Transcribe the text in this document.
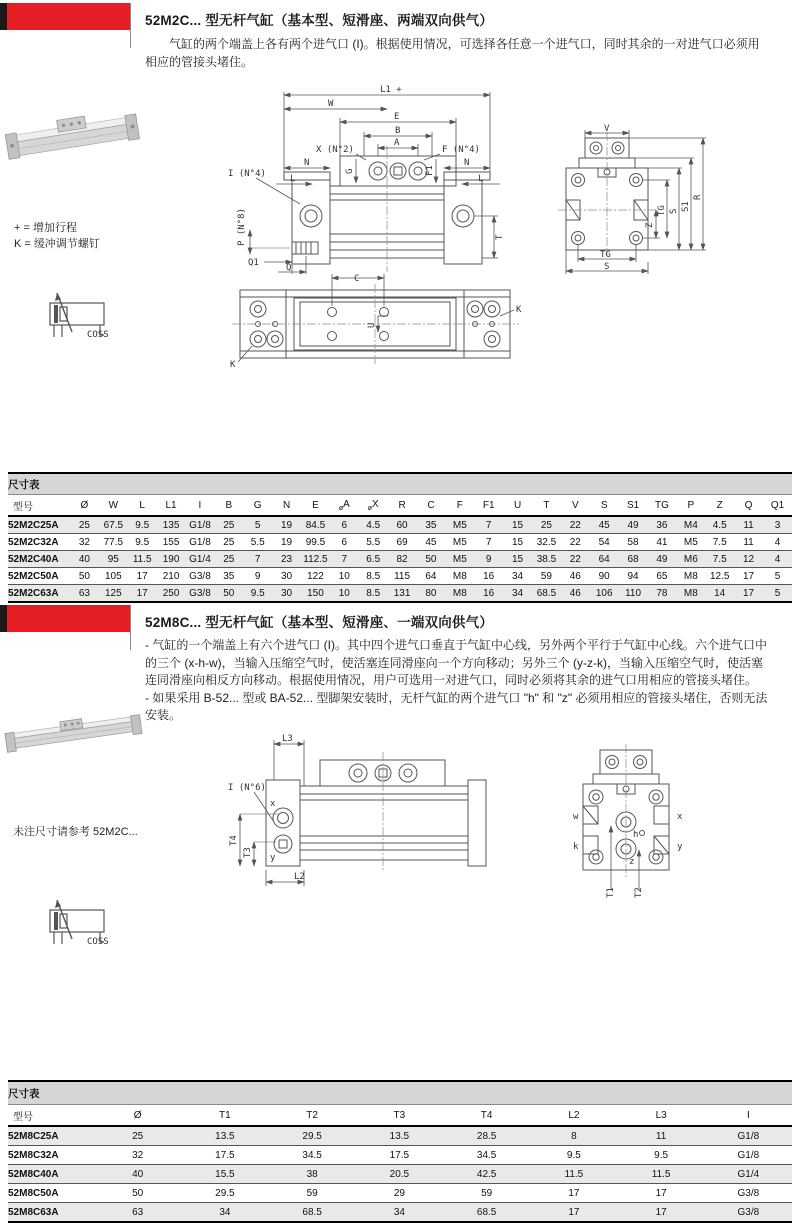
52M2C... 型无杆气缸（基本型、短滑座、两端双向供气）

气缸的两个端盖上各有两个进气口 (I)。根据使用情况，可选择各任意一个进气口，同时其余的一对进气口必须用相应的管接头堵住。

+ = 增加行程
K = 缓冲调节螺钉
COSS
L1 +
W
E
B
A
X (N°2)	F (N°4)
N	N
L	L
G	F1
I (N°4)
P (N°8)
Q1	Q
T
V
Z
TG S S1
R
TG
S
C
K
K
U
尺寸表																									
型号	Ø	W	L	L1	I	B	G	N	E	$_ø$A	$_ø$X	R	C	F	F1	U	T	V	S	S1	TG	P	Z	Q	Q1
52M2C25A	25	67.5	9.5	135	G1/8	25	5	19	84.5	6	4.5	60	35	M5	7	15	25	22	45	49	36	M4	4.5	11	3
52M2C32A	32	77.5	9.5	155	G1/8	25	5.5	19	99.5	6	5.5	69	45	M5	7	15	32.5	22	54	58	41	M5	7.5	11	4
52M2C40A	40	95	11.5	190	G1/4	25	7	23	112.5	7	6.5	82	50	M5	9	15	38.5	22	64	68	49	M6	7.5	12	4
52M2C50A	50	105	17	210	G3/8	35	9	30	122	10	8.5	115	64	M8	16	34	59	46	90	94	65	M8	12.5	17	5
52M2C63A	63	125	17	250	G3/8	50	9.5	30	150	10	8.5	131	80	M8	16	34	68.5	46	106	110	78	M8	14	17	5
52M8C... 型无杆气缸（基本型、短滑座、一端双向供气）

- 气缸的一个端盖上有六个进气口 (I)。其中四个进气口垂直于气缸中心线，另外两个平行于气缸中心线。六个进气口中的三个 (x-h-w)，当输入压缩空气时，使活塞连同滑座向一个方向移动；另外三个 (y-z-k)，当输入压缩空气时，使活塞连同滑座向相反方向移动。根据使用情况，用户可选用一对进气口，同时必须将其余的进气口用相应的管接头堵住。

- 如果采用 B-52... 型或 BA-52... 型脚架安装时，无杆气缸的两个进气口 "h" 和 "z" 必须用相应的管接头堵住，否则无法安装。

未注尺寸请参考 52M2C...
COSS
L3
I (N°6)
x
y
T4
T3
L2
w
k
x
y
h
z
T1 T2
尺寸表								
型号	Ø	T1	T2	T3	T4	L2	L3	I
52M8C25A	25	13.5	29.5	13.5	28.5	8	11	G1/8
52M8C32A	32	17.5	34.5	17.5	34.5	9.5	9.5	G1/8
52M8C40A	40	15.5	38	20.5	42.5	11.5	11.5	G1/4
52M8C50A	50	29.5	59	29	59	17	17	G3/8
52M8C63A	63	34	68.5	34	68.5	17	17	G3/8
